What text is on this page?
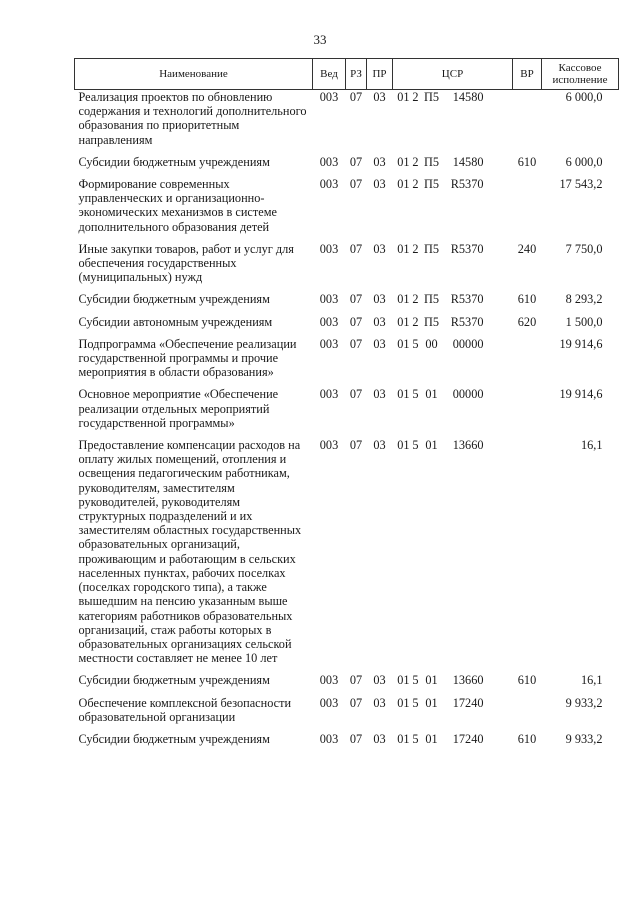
33
Наименование	Вед	РЗ	ПР	ЦСР	ВР	Кассовое исполнение
Реализация проектов по обновлению содержания и технологий дополнительного образования по приоритетным направлениям	003	07	03	01 2 П5 14580		6 000,0
Субсидии бюджетным учреждениям	003	07	03	01 2 П5 14580	610	6 000,0
Формирование современных управленческих и организационно-экономических механизмов в системе дополнительного образования детей	003	07	03	01 2 П5 R5370		17 543,2
Иные закупки товаров, работ и услуг для обеспечения государственных (муниципальных) нужд	003	07	03	01 2 П5 R5370	240	7 750,0
Субсидии бюджетным учреждениям	003	07	03	01 2 П5 R5370	610	8 293,2
Субсидии автономным учреждениям	003	07	03	01 2 П5 R5370	620	1 500,0
Подпрограмма «Обеспечение реализации государственной программы и прочие мероприятия в области образования»	003	07	03	01 5 00 00000		19 914,6
Основное мероприятие «Обеспечение реализации отдельных мероприятий государственной программы»	003	07	03	01 5 01 00000		19 914,6
Предоставление компенсации расходов на оплату жилых помещений, отопления и освещения педагогическим работникам, руководителям, заместителям руководителей, руководителям структурных подразделений и их заместителям областных государственных образовательных организаций, проживающим и работающим в сельских населенных пунктах, рабочих поселках (поселках городского типа), а также вышедшим на пенсию указанным выше категориям работников образовательных организаций, стаж работы которых в образовательных организациях сельской местности составляет не менее 10 лет	003	07	03	01 5 01 13660		16,1
Субсидии бюджетным учреждениям	003	07	03	01 5 01 13660	610	16,1
Обеспечение комплексной безопасности образовательной организации	003	07	03	01 5 01 17240		9 933,2
Субсидии бюджетным учреждениям	003	07	03	01 5 01 17240	610	9 933,2
